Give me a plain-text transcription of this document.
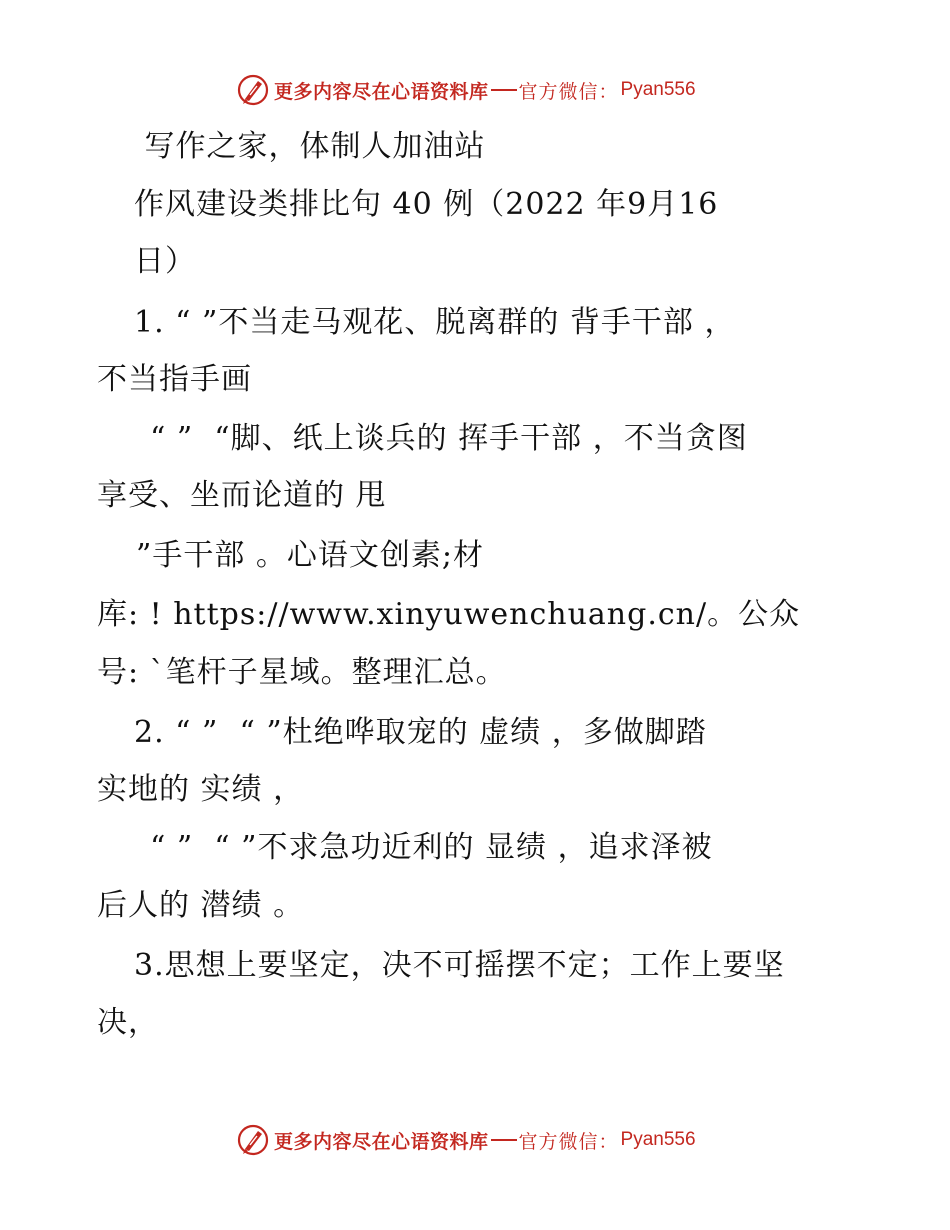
更多内容尽在心语资料库 官方微信： Pyan556
写作之家，体制人加油站
作风建设类排比句 40 例（2022 年9月16
日）
1. “ ”不当走马观花、脱离群的 背手干部 ，
不当指手画
“ ”  “脚、纸上谈兵的 挥手干部 ，不当贪图
享受、坐而论道的 甩
”手干部 。心语文创素;材
库: ! https://www.xinyuwenchuang.cn/。公众
号: `笔杆子星域。整理汇总。
2. “ ”  “ ”杜绝哗取宠的 虚绩 ，多做脚踏
实地的 实绩 ，
“ ”  “ ”不求急功近利的 显绩 ，追求泽被
后人的 潜绩 。
3.思想上要坚定，决不可摇摆不定；工作上要坚
决，
更多内容尽在心语资料库 官方微信： Pyan556
